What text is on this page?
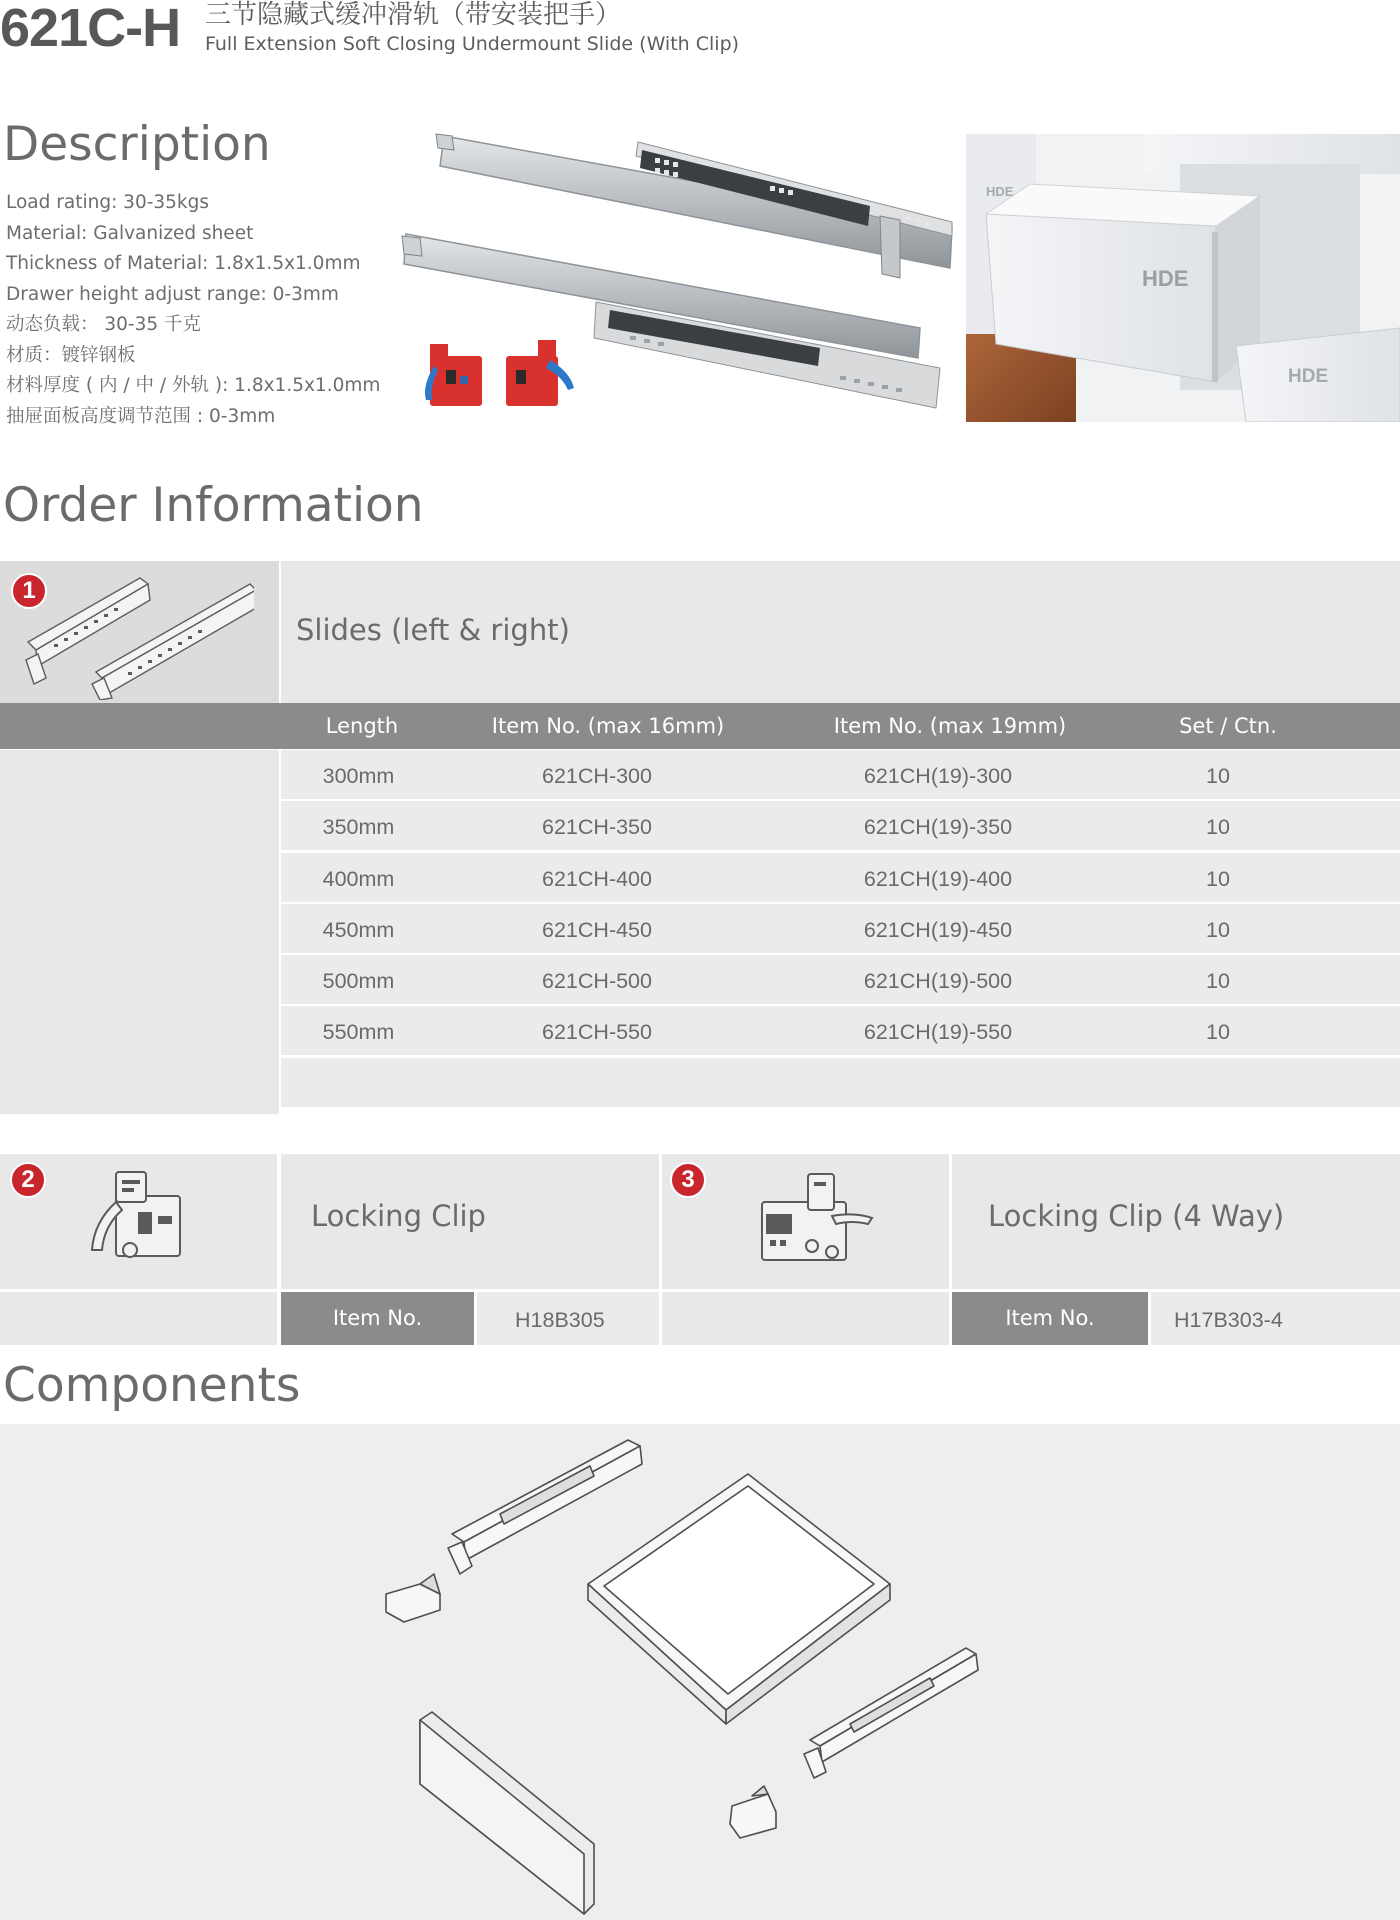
621C-H 三节隐藏式缓冲滑轨（带安装把手）
Full Extension Soft Closing Undermount Slide (With Clip)
Description
Load rating: 30-35kgs
Material: Galvanized sheet
Thickness of Material: 1.8x1.5x1.0mm
Drawer height adjust range: 0-3mm
动态负载： 30-35 千克
材质：镀锌钢板
材料厚度 ( 内 / 中 / 外轨 ): 1.8x1.5x1.0mm
抽屉面板高度调节范围 : 0-3mm
HDE
HDE
HDE
Order Information
1
Slides (left & right)
Length	Item No. (max 16mm)	Item No. (max 19mm)	Set / Ctn.
300mm	621CH-300	621CH(19)-300	10
350mm	621CH-350	621CH(19)-350	10
400mm	621CH-400	621CH(19)-400	10
450mm	621CH-450	621CH(19)-450	10
500mm	621CH-500	621CH(19)-500	10
550mm	621CH-550	621CH(19)-550	10
2	3
Locking Clip	Locking Clip (4 Way)
Item No.	H18B305	Item No.	H17B303-4
Components
